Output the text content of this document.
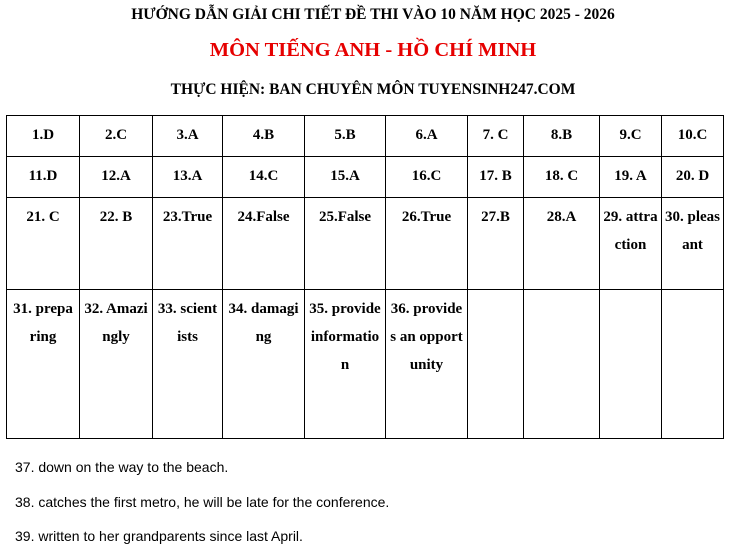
HƯỚNG DẪN GIẢI CHI TIẾT ĐỀ THI VÀO 10 NĂM HỌC 2025 - 2026
MÔN TIẾNG ANH - HỒ CHÍ MINH
THỰC HIỆN: BAN CHUYÊN MÔN TUYENSINH247.COM
1.D	2.C	3.A	4.B	5.B	6.A	7. C	8.B	9.C	10.C
11.D	12.A	13.A	14.C	15.A	16.C	17. B	18. C	19. A	20. D
21. C	22. B	23.True	24.False	25.False	26.True	27.B	28.A	29. attraction	30. pleasant
31. preparing	32. Amazingly	33. scientists	34. damaging	35. provide information	36. provides an opportunity				
37. down on the way to the beach.
38. catches the first metro, he will be late for the conference.
39. written to her grandparents since last April.
